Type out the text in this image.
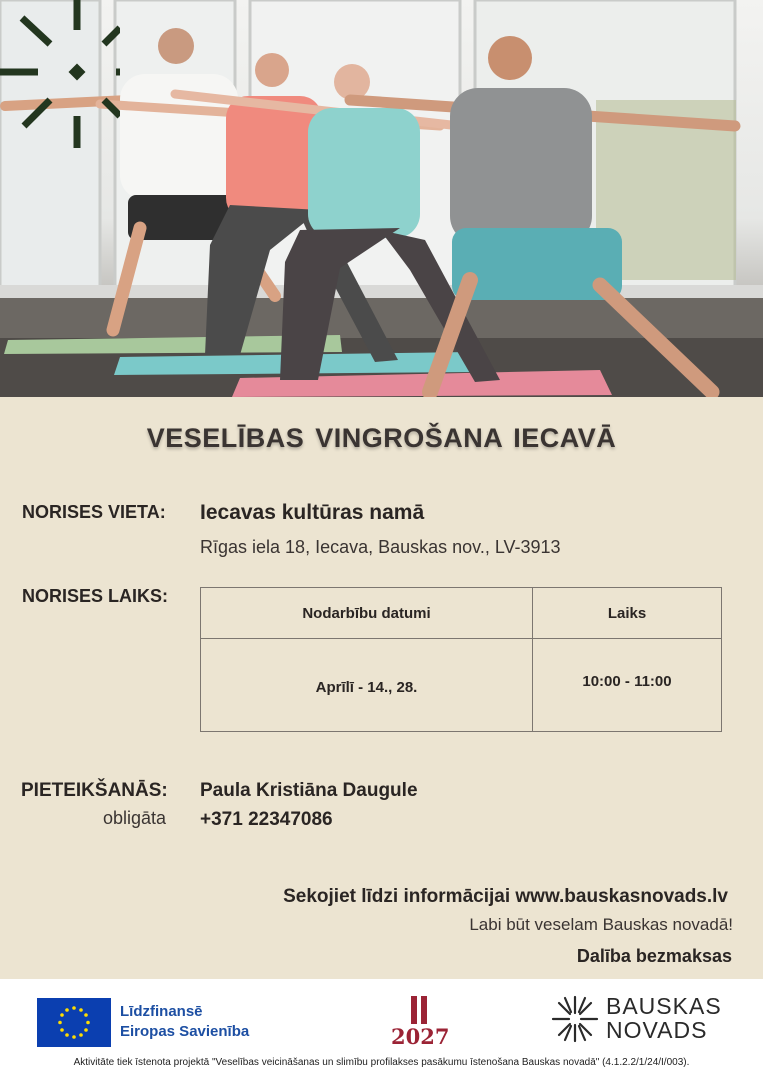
VESELĪBAS VINGROŠANA IECAVĀ
NORISES VIETA: Iecavas kultūras namā
Rīgas iela 18, Iecava, Bauskas nov., LV-3913
NORISES LAIKS:
Nodarbību datumi	Laiks
Aprīlī - 14., 28.	10:00 - 11:00
PIETEIKŠANĀS:
obligāta
Paula Kristiāna Daugule
+371 22347086
Sekojiet līdzi informācijai www.bauskasnovads.lv
Labi būt veselam Bauskas novadā!
Dalība bezmaksas
Līdzfinansē
Eiropas Savienība	2027
BAUSKAS
NOVADS
Aktivitāte tiek īstenota projektā "Veselības veicināšanas un slimību profilakses pasākumu īstenošana Bauskas novadā" (4.1.2.2/1/24/I/003).
